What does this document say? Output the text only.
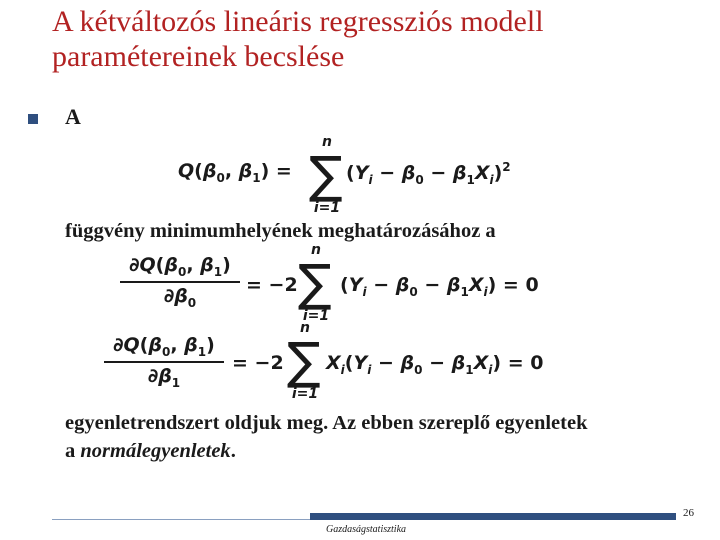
A kétváltozós lineáris regressziós modell
paramétereinek becslése
A
$Q(\beta_0$, $\beta_1$) =
n
∑
i=1
$(Y_i - \beta_0 - \beta_1X_i)^2$
függvény minimumhelyének meghatározásához a
$\frac{\partial Q(\beta_0, \beta_1)}{\partial\beta_0} = -2$
n
∑
i=1
$(Y_i - \beta_0 - \beta_1X_i) = 0$
$\frac{\partial Q(\beta_0, \beta_1)}{\partial\beta_1} = -2$
n
∑
i=1
$X_i(Y_i - \beta_0 - \beta_1X_i) = 0$
egyenletrendszert oldjuk meg. Az ebben szereplő egyenletek
a normálegyenletek.
Gazdaságstatisztika
26
